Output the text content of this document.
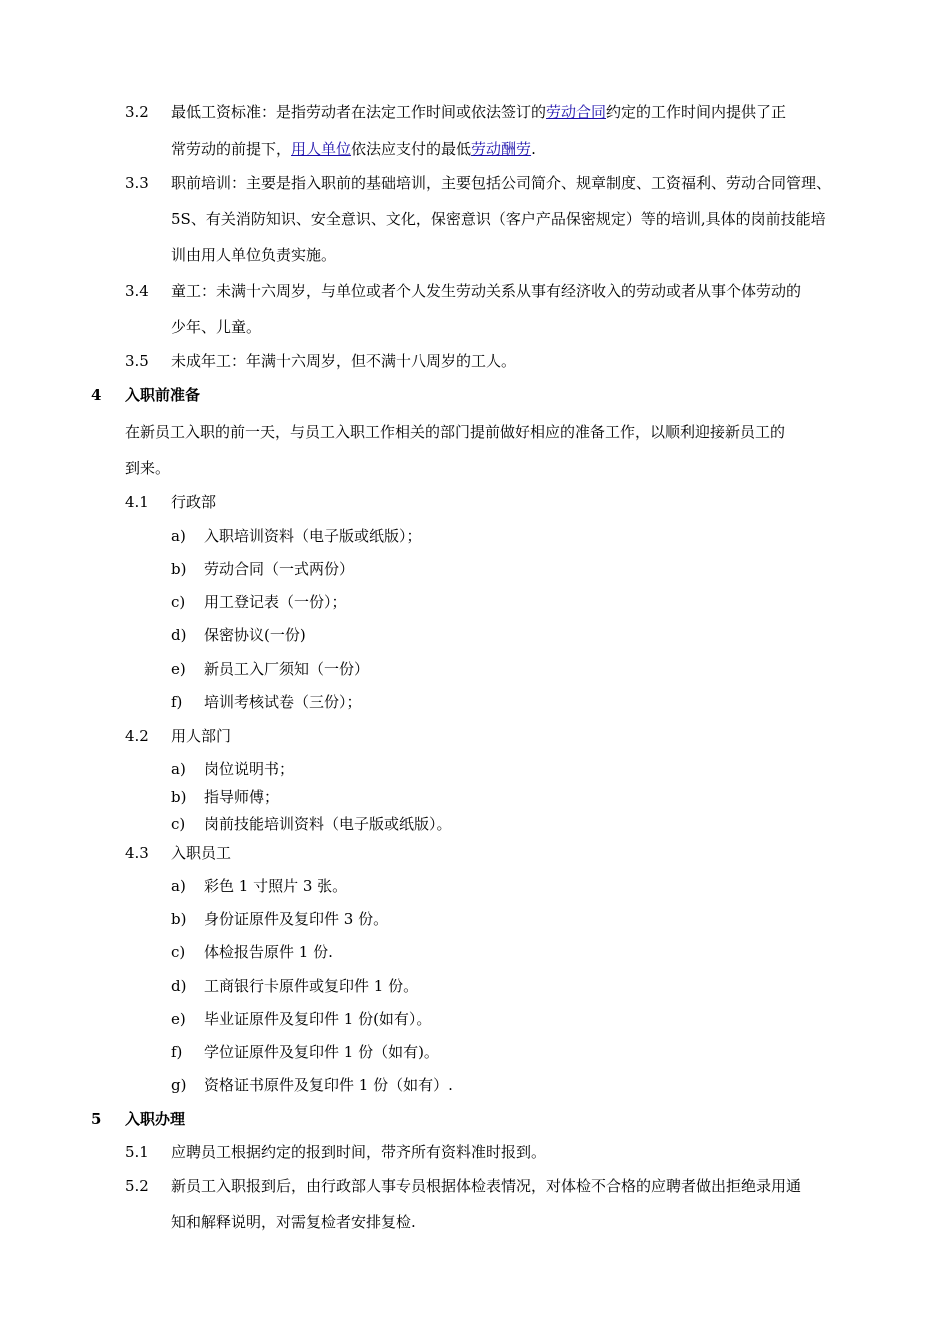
3.2 最低工资标准：是指劳动者在法定工作时间或依法签订的劳动合同约定的工作时间内提供了正
常劳动的前提下，用人单位依法应支付的最低劳动酬劳.
3.3 职前培训：主要是指入职前的基础培训，主要包括公司简介、规章制度、工资福利、劳动合同管理、
5S、有关消防知识、安全意识、文化，保密意识（客户产品保密规定）等的培训,具体的岗前技能培
训由用人单位负责实施。
3.4 童工：未满十六周岁，与单位或者个人发生劳动关系从事有经济收入的劳动或者从事个体劳动的
少年、儿童。
3.5 未成年工：年满十六周岁，但不满十八周岁的工人。
4 入职前准备
在新员工入职的前一天，与员工入职工作相关的部门提前做好相应的准备工作，以顺利迎接新员工的
到来。
4.1 行政部
a) 入职培训资料（电子版或纸版）；
b) 劳动合同（一式两份）
c) 用工登记表（一份）；
d) 保密协议(一份)
e) 新员工入厂须知（一份）
f) 培训考核试卷（三份）；
4.2 用人部门
a) 岗位说明书；
b) 指导师傅；
c) 岗前技能培训资料（电子版或纸版）。
4.3 入职员工
a) 彩色 1 寸照片 3 张。
b) 身份证原件及复印件 3 份。
c) 体检报告原件 1 份.
d) 工商银行卡原件或复印件 1 份。
e) 毕业证原件及复印件 1 份(如有）。
f) 学位证原件及复印件 1 份（如有)。
g) 资格证书原件及复印件 1 份（如有）.
5 入职办理
5.1 应聘员工根据约定的报到时间，带齐所有资料准时报到。
5.2 新员工入职报到后，由行政部人事专员根据体检表情况，对体检不合格的应聘者做出拒绝录用通
知和解释说明，对需复检者安排复检.
